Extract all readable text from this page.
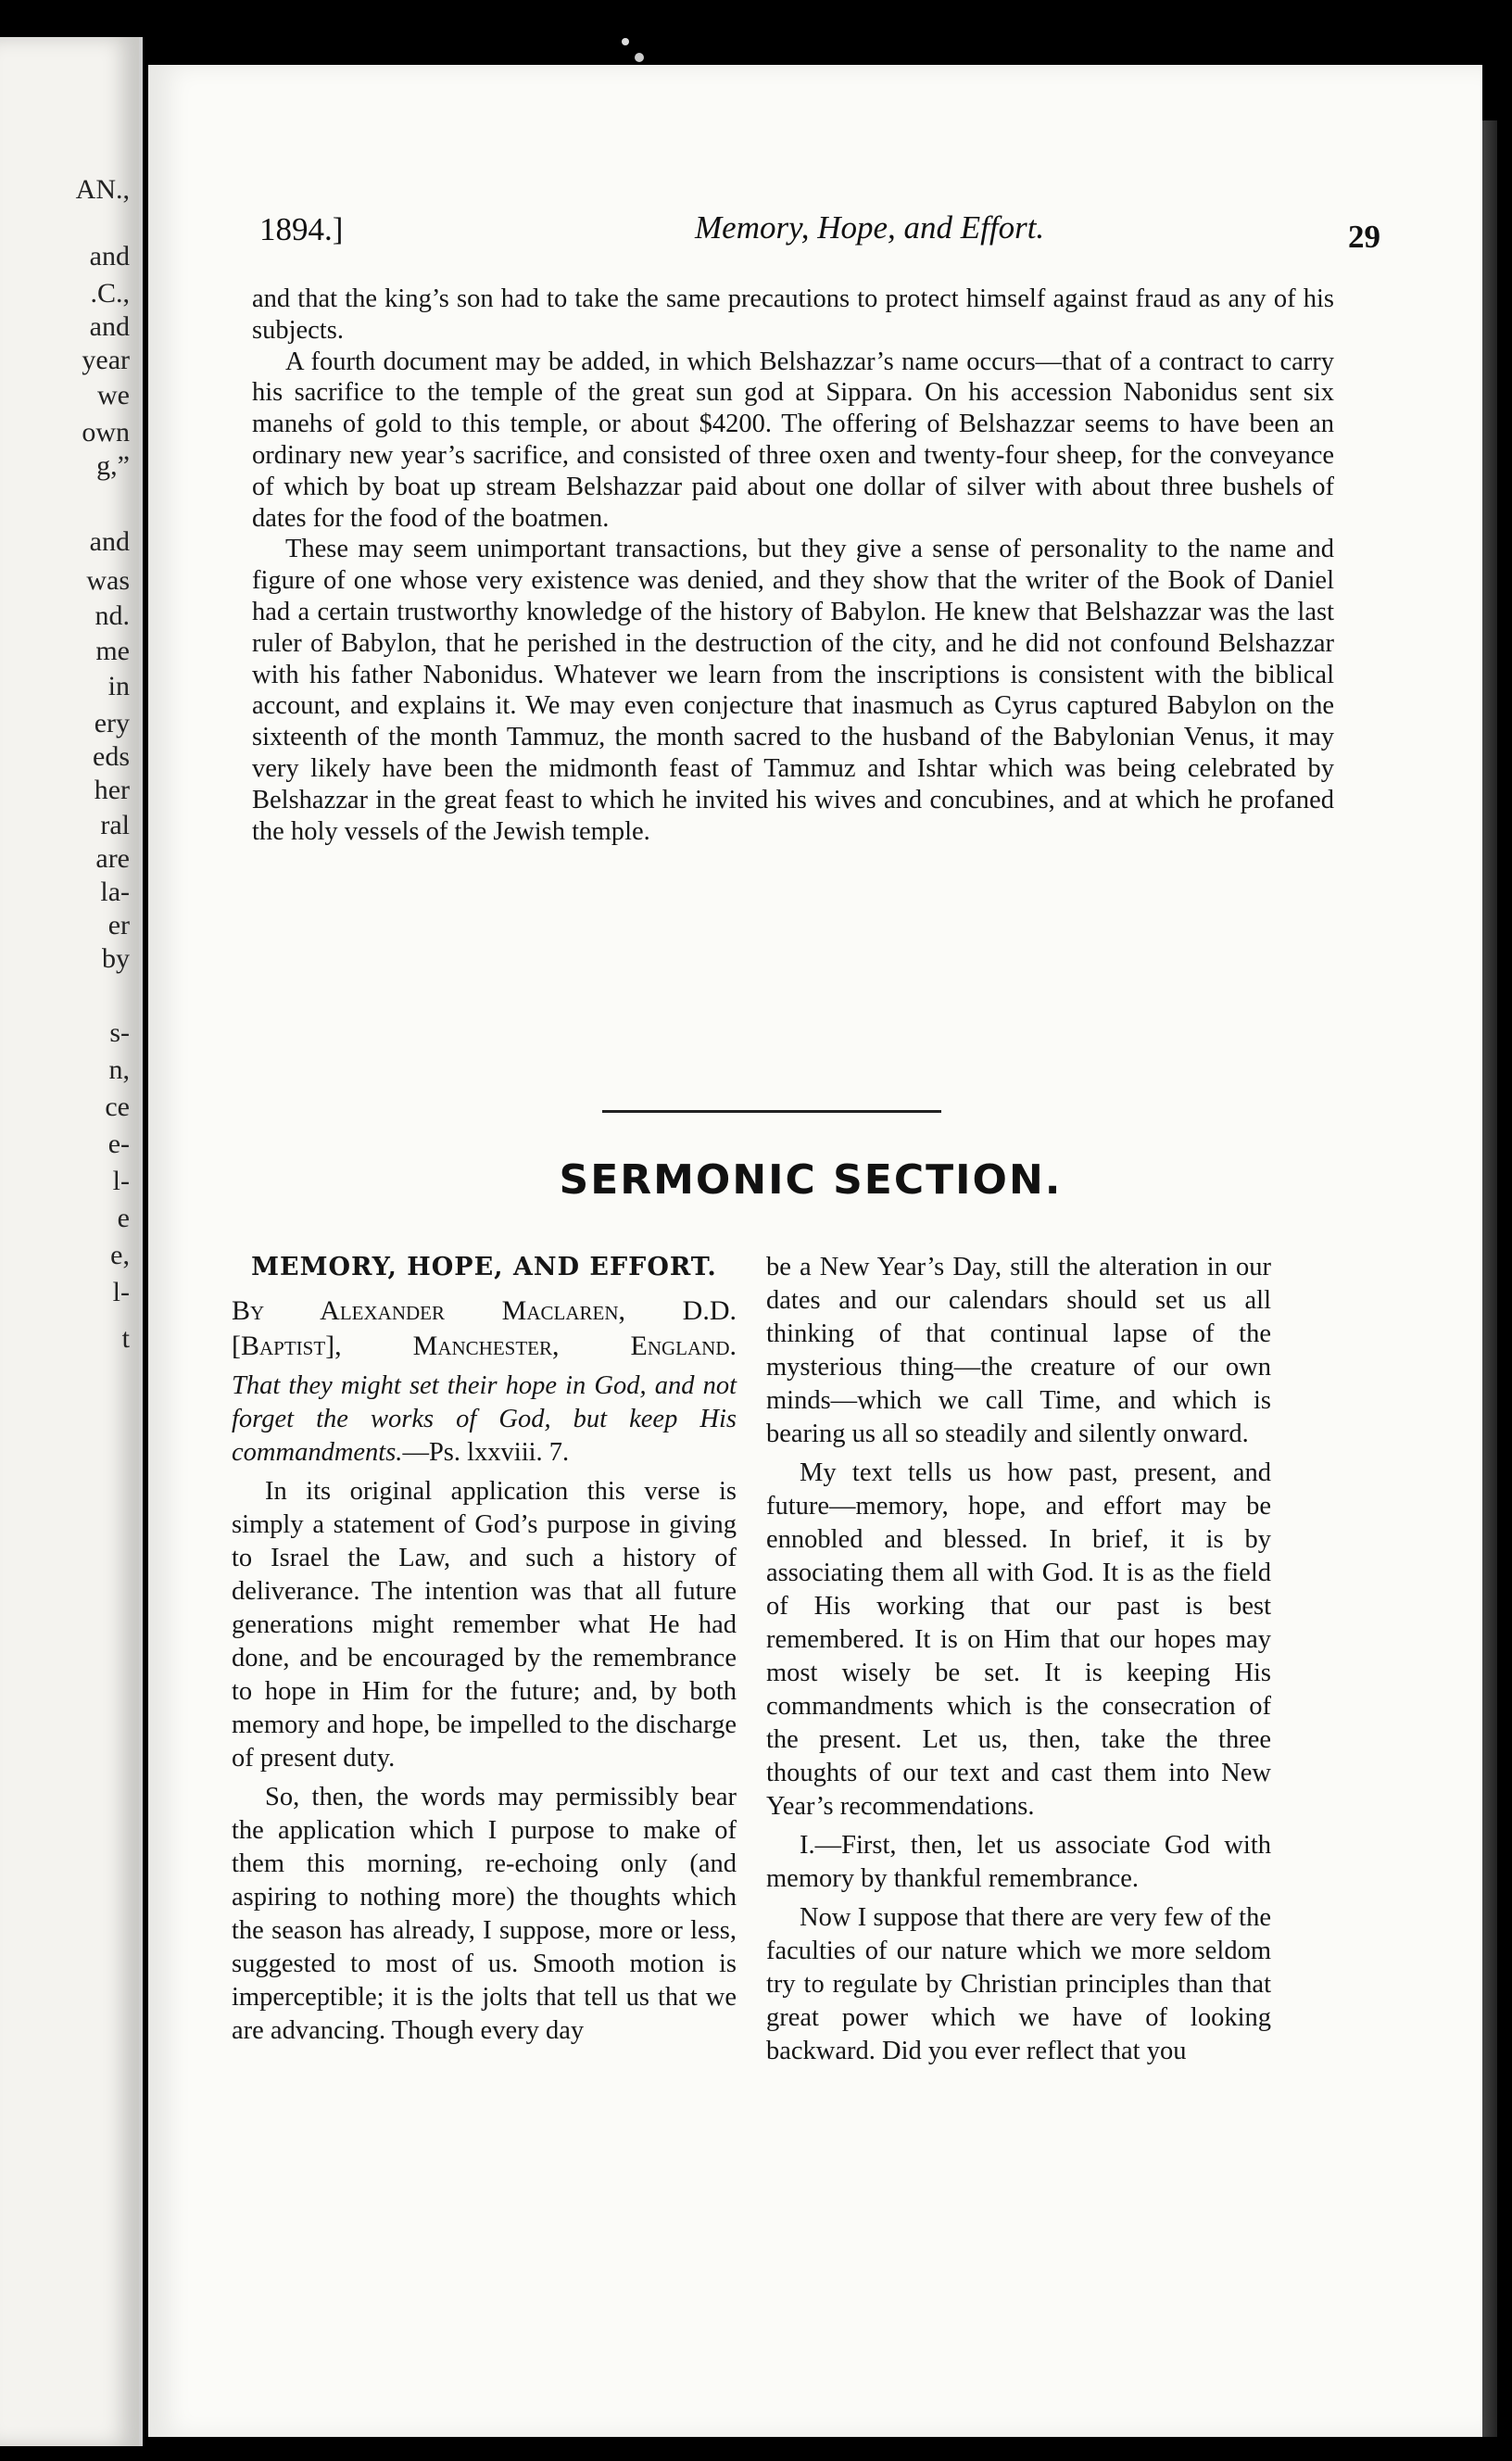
AN.,
and
.C.,
and
year
we
own
g,”
and
was
nd.
me
in
ery
eds
her
ral
are
la-
er
by
s-
n,
ce
e-
l-
e
e,
l-
t
1894.]	Memory, Hope, and Effort.	29

and that the king’s son had to take the same precautions to protect himself against fraud as any of his subjects.

A fourth document may be added, in which Belshazzar’s name occurs—that of a contract to carry his sacrifice to the temple of the great sun god at Sippara. On his accession Nabonidus sent six manehs of gold to this temple, or about $4200. The offering of Belshazzar seems to have been an ordinary new year’s sacrifice, and consisted of three oxen and twenty-four sheep, for the conveyance of which by boat up stream Belshazzar paid about one dollar of silver with about three bushels of dates for the food of the boatmen.

These may seem unimportant transactions, but they give a sense of personality to the name and figure of one whose very existence was denied, and they show that the writer of the Book of Daniel had a certain trustworthy knowledge of the history of Babylon. He knew that Belshazzar was the last ruler of Babylon, that he perished in the destruction of the city, and he did not confound Belshazzar with his father Nabonidus. Whatever we learn from the inscriptions is consistent with the biblical account, and explains it. We may even conjecture that inasmuch as Cyrus captured Babylon on the sixteenth of the month Tammuz, the month sacred to the husband of the Babylonian Venus, it may very likely have been the midmonth feast of Tammuz and Ishtar which was being celebrated by Belshazzar in the great feast to which he invited his wives and concubines, and at which he profaned the holy vessels of the Jewish temple.

SERMONIC SECTION.

MEMORY, HOPE, AND EFFORT.

By Alexander Maclaren, D.D.

[Baptist], Manchester, England.

That they might set their hope in God, and not forget the works of God, but keep His commandments.—Ps. lxxviii. 7.

In its original application this verse is simply a statement of God’s purpose in giving to Israel the Law, and such a history of deliverance. The intention was that all future generations might remember what He had done, and be encouraged by the remembrance to hope in Him for the future; and, by both memory and hope, be impelled to the discharge of present duty.

So, then, the words may permissibly bear the application which I purpose to make of them this morning, re-echoing only (and aspiring to nothing more) the thoughts which the season has already, I suppose, more or less, suggested to most of us. Smooth motion is imperceptible; it is the jolts that tell us that we are advancing. Though every day

be a New Year’s Day, still the alteration in our dates and our calendars should set us all thinking of that continual lapse of the mysterious thing—the creature of our own minds—which we call Time, and which is bearing us all so steadily and silently onward.

My text tells us how past, present, and future—memory, hope, and effort may be ennobled and blessed. In brief, it is by associating them all with God. It is as the field of His working that our past is best remembered. It is on Him that our hopes may most wisely be set. It is keeping His commandments which is the consecration of the present. Let us, then, take the three thoughts of our text and cast them into New Year’s recommendations.

I.—First, then, let us associate God with memory by thankful remembrance.

Now I suppose that there are very few of the faculties of our nature which we more seldom try to regulate by Christian principles than that great power which we have of looking backward. Did you ever reflect that you
